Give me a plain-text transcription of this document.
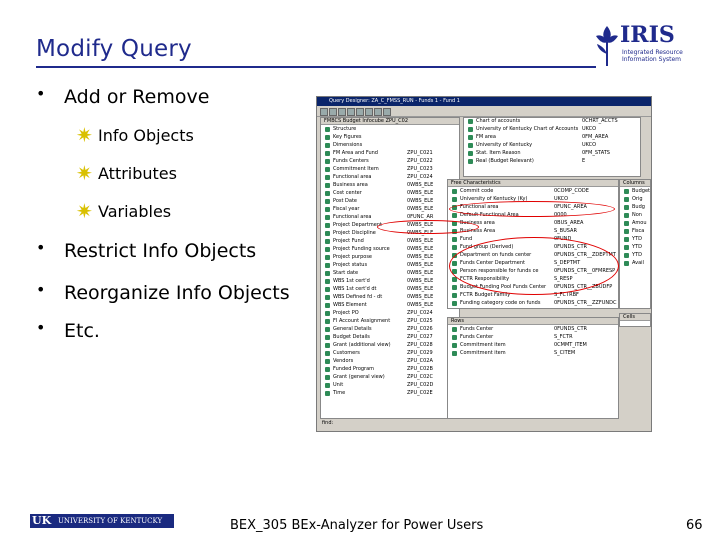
Modify Query
IRIS
Integrated Resource
Information System
• Add or Remove
✷ Info Objects
✷ Attributes
✷ Variables
• Restrict Info Objects
• Reorganize Info Objects
• Etc.
Query Designer: ZA_C_FMSS_RUN - Funds 1 - Fund 1
FMBCS Budget Infocube ZPU_C02
Structure
Key Figures
Dimensions
FM Area and Fund	ZPU_C021
Funds Centers	ZPU_C022
Commitment Item	ZPU_C023
Functional area	ZPU_C024
Business area	0WBS_ELE
Cost center	0WBS_ELE
Post Date	0WBS_ELE
Fiscal year	0WBS_ELE
Functional area	0FUNC_AR
Project Department	0WBS_ELE
Project Discipline	0WBS_ELE
Project Fund	0WBS_ELE
Project Funding source	0WBS_ELE
Project purpose	0WBS_ELE
Project status	0WBS_ELE
Start date	0WBS_ELE
WBS 1st cert'd	0WBS_ELE
WBS 1st cert'd dt	0WBS_ELE
WBS Defined fd - dt	0WBS_ELE
WBS Element	0WBS_ELE
Project PO	ZPU_C024
FI Account Assignment	ZPU_C025
General Details	ZPU_C026
Budget Details	ZPU_C027
Grant (additional view)	ZPU_C028
Customers	ZPU_C029
Vendors	ZPU_C02A
Funded Program	ZPU_C02B
Grant (general view)	ZPU_C02C
Unit	ZPU_C02D
Time	ZPU_C02E
Chart of accounts	0CHRT_ACCTS
University of Kentucky Chart of Accounts UKCO
FM area	0FM_AREA
University of Kentucky	UKCO
Stat. Item Reason	0FM_STATS
Real (Budget Relevant)	E
Free Characteristics
Commit code	0COMP_CODE
University of Kentucky (Ky)	UKCO
Functional area	0FUNC_AREA
Default Functional Area	0000
Business area	0BUS_AREA
Business Area	S_BUSAR
Fund	0FUND
Fund group (Derived)	0FUNDS_CTR
Department on funds center	0FUNDS_CTR__ZDEPTMT
Funds Center Department	S_DEPTMT
Person responsible for funds ce	0FUNDS_CTR__0FMRESP
FCTR Responsibility	S_RESP
Budget Funding Pool Funds Center 0FUNDS_CTR__ZBUDFP
FCTR Budget Family	S_FCTRBF
Funding category code on funds	0FUNDS_CTR__ZZFUNDC
Columns
Budget
Orig
Budg
Non
Amou
Fisca
YTD
YTD
YTD
Avail
Rows
Funds Center	0FUNDS_CTR
Funds Center	S_FCTR
Commitment item	0CMMT_ITEM
Commitment item	S_CITEM
Cells
find:
UK UNIVERSITY OF KENTUCKY	BEX_305 BEx-Analyzer for Power Users	66
